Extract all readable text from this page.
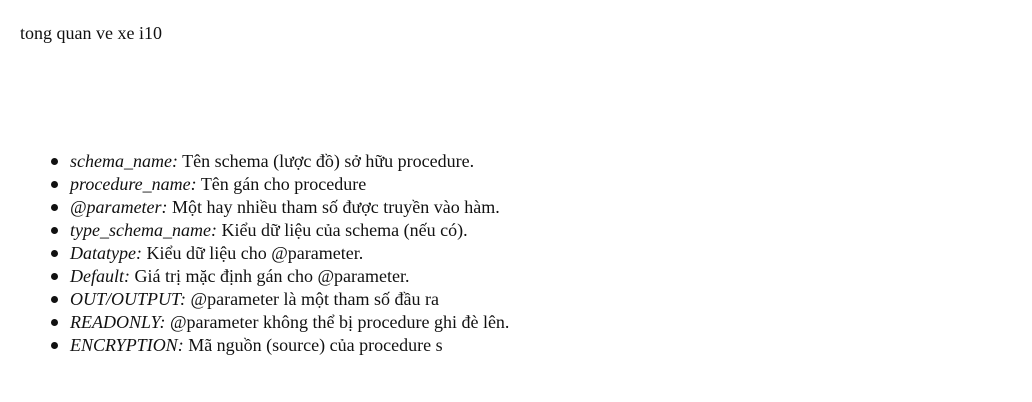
tong quan ve xe i10
schema_name: Tên schema (lược đồ) sở hữu procedure.
procedure_name: Tên gán cho procedure
@parameter: Một hay nhiều tham số được truyền vào hàm.
type_schema_name: Kiểu dữ liệu của schema (nếu có).
Datatype: Kiểu dữ liệu cho @parameter.
Default: Giá trị mặc định gán cho @parameter.
OUT/OUTPUT: @parameter là một tham số đầu ra
READONLY: @parameter không thể bị procedure ghi đè lên.
ENCRYPTION: Mã nguồn (source) của procedure s
